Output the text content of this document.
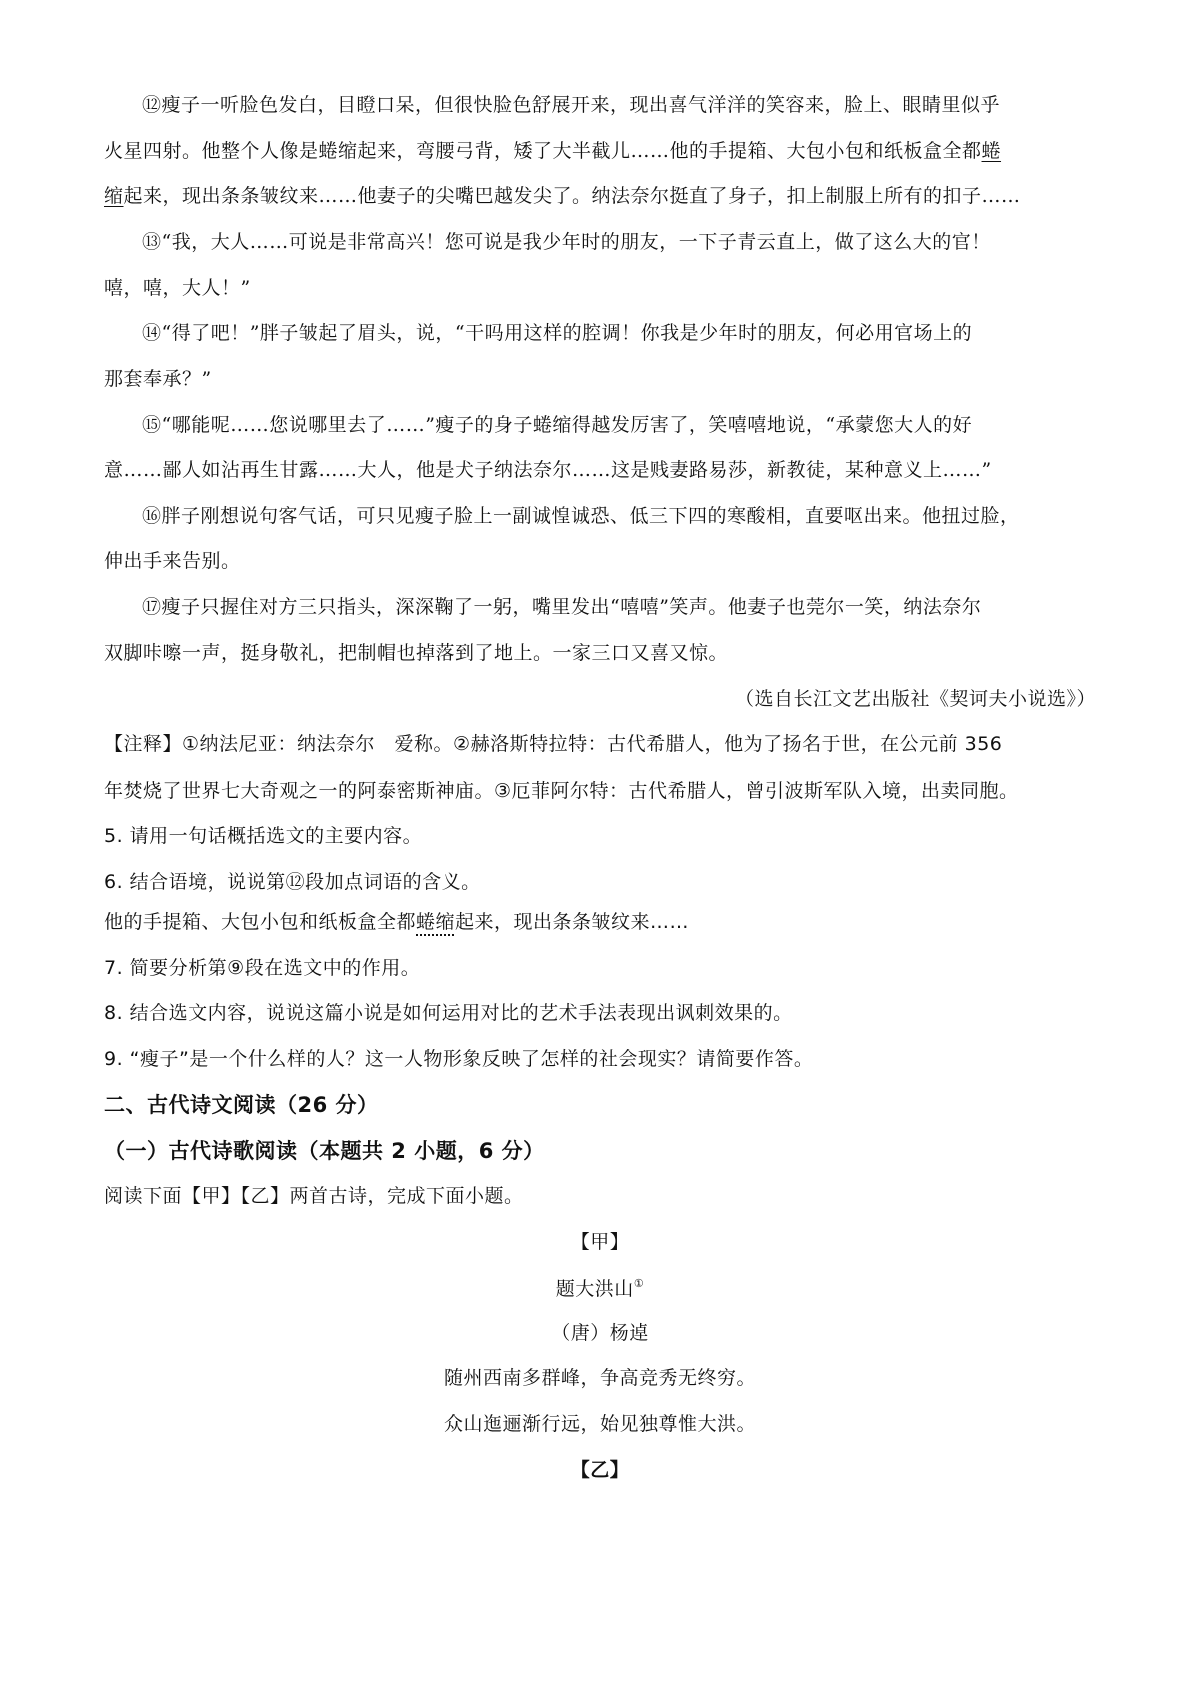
⑫瘦子一听脸色发白，目瞪口呆，但很快脸色舒展开来，现出喜气洋洋的笑容来，脸上、眼睛里似乎
火星四射。他整个人像是蜷缩起来，弯腰弓背，矮了大半截儿……他的手提箱、大包小包和纸板盒全都蜷
缩起来，现出条条皱纹来……他妻子的尖嘴巴越发尖了。纳法奈尔挺直了身子，扣上制服上所有的扣子……
⑬“我，大人……可说是非常高兴！您可说是我少年时的朋友，一下子青云直上，做了这么大的官！
嘻，嘻，大人！”
⑭“得了吧！”胖子皱起了眉头，说，“干吗用这样的腔调！你我是少年时的朋友，何必用官场上的
那套奉承？”
⑮“哪能呢……您说哪里去了……”瘦子的身子蜷缩得越发厉害了，笑嘻嘻地说，“承蒙您大人的好
意……鄙人如沾再生甘露……大人，他是犬子纳法奈尔……这是贱妻路易莎，新教徒，某种意义上……”
⑯胖子刚想说句客气话，可只见瘦子脸上一副诚惶诚恐、低三下四的寒酸相，直要呕出来。他扭过脸，
伸出手来告别。
⑰瘦子只握住对方三只指头，深深鞠了一躬，嘴里发出“嘻嘻”笑声。他妻子也莞尔一笑，纳法奈尔
双脚咔嚓一声，挺身敬礼，把制帽也掉落到了地上。一家三口又喜又惊。
（选自长江文艺出版社《契诃夫小说选》）
【注释】①纳法尼亚：纳法奈尔　爱称。②赫洛斯特拉特：古代希腊人，他为了扬名于世，在公元前 356
年焚烧了世界七大奇观之一的阿泰密斯神庙。③厄菲阿尔特：古代希腊人，曾引波斯军队入境，出卖同胞。
5. 请用一句话概括选文的主要内容。
6. 结合语境，说说第⑫段加点词语的含义。
他的手提箱、大包小包和纸板盒全都蜷缩起来，现出条条皱纹来……
7. 简要分析第⑨段在选文中的作用。
8. 结合选文内容，说说这篇小说是如何运用对比的艺术手法表现出讽刺效果的。
9. “瘦子”是一个什么样的人？这一人物形象反映了怎样的社会现实？请简要作答。
二、古代诗文阅读（26 分）
（一）古代诗歌阅读（本题共 2 小题，6 分）
阅读下面【甲】【乙】两首古诗，完成下面小题。
【甲】
题大洪山①
（唐）杨逴
随州西南多群峰，争高竞秀无终穷。
众山迤逦渐行远，始见独尊惟大洪。
【乙】
